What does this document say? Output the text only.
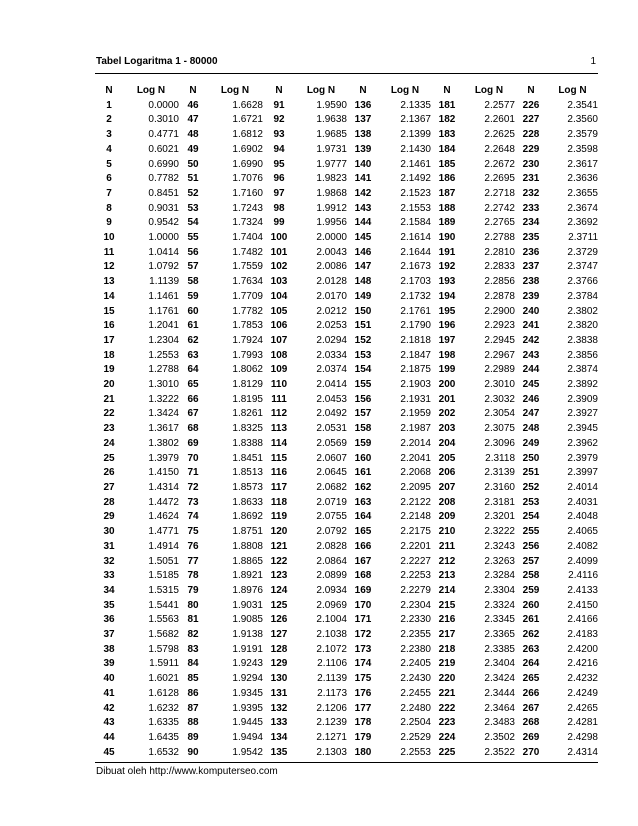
Tabel Logaritma 1 - 80000	1
N	Log N	N	Log N	N	Log N	N	Log N	N	Log N	N	Log N
1	0.0000	46	1.6628	91	1.9590	136	2.1335	181	2.2577	226	2.3541
2	0.3010	47	1.6721	92	1.9638	137	2.1367	182	2.2601	227	2.3560
3	0.4771	48	1.6812	93	1.9685	138	2.1399	183	2.2625	228	2.3579
4	0.6021	49	1.6902	94	1.9731	139	2.1430	184	2.2648	229	2.3598
5	0.6990	50	1.6990	95	1.9777	140	2.1461	185	2.2672	230	2.3617
6	0.7782	51	1.7076	96	1.9823	141	2.1492	186	2.2695	231	2.3636
7	0.8451	52	1.7160	97	1.9868	142	2.1523	187	2.2718	232	2.3655
8	0.9031	53	1.7243	98	1.9912	143	2.1553	188	2.2742	233	2.3674
9	0.9542	54	1.7324	99	1.9956	144	2.1584	189	2.2765	234	2.3692
10	1.0000	55	1.7404	100	2.0000	145	2.1614	190	2.2788	235	2.3711
11	1.0414	56	1.7482	101	2.0043	146	2.1644	191	2.2810	236	2.3729
12	1.0792	57	1.7559	102	2.0086	147	2.1673	192	2.2833	237	2.3747
13	1.1139	58	1.7634	103	2.0128	148	2.1703	193	2.2856	238	2.3766
14	1.1461	59	1.7709	104	2.0170	149	2.1732	194	2.2878	239	2.3784
15	1.1761	60	1.7782	105	2.0212	150	2.1761	195	2.2900	240	2.3802
16	1.2041	61	1.7853	106	2.0253	151	2.1790	196	2.2923	241	2.3820
17	1.2304	62	1.7924	107	2.0294	152	2.1818	197	2.2945	242	2.3838
18	1.2553	63	1.7993	108	2.0334	153	2.1847	198	2.2967	243	2.3856
19	1.2788	64	1.8062	109	2.0374	154	2.1875	199	2.2989	244	2.3874
20	1.3010	65	1.8129	110	2.0414	155	2.1903	200	2.3010	245	2.3892
21	1.3222	66	1.8195	111	2.0453	156	2.1931	201	2.3032	246	2.3909
22	1.3424	67	1.8261	112	2.0492	157	2.1959	202	2.3054	247	2.3927
23	1.3617	68	1.8325	113	2.0531	158	2.1987	203	2.3075	248	2.3945
24	1.3802	69	1.8388	114	2.0569	159	2.2014	204	2.3096	249	2.3962
25	1.3979	70	1.8451	115	2.0607	160	2.2041	205	2.3118	250	2.3979
26	1.4150	71	1.8513	116	2.0645	161	2.2068	206	2.3139	251	2.3997
27	1.4314	72	1.8573	117	2.0682	162	2.2095	207	2.3160	252	2.4014
28	1.4472	73	1.8633	118	2.0719	163	2.2122	208	2.3181	253	2.4031
29	1.4624	74	1.8692	119	2.0755	164	2.2148	209	2.3201	254	2.4048
30	1.4771	75	1.8751	120	2.0792	165	2.2175	210	2.3222	255	2.4065
31	1.4914	76	1.8808	121	2.0828	166	2.2201	211	2.3243	256	2.4082
32	1.5051	77	1.8865	122	2.0864	167	2.2227	212	2.3263	257	2.4099
33	1.5185	78	1.8921	123	2.0899	168	2.2253	213	2.3284	258	2.4116
34	1.5315	79	1.8976	124	2.0934	169	2.2279	214	2.3304	259	2.4133
35	1.5441	80	1.9031	125	2.0969	170	2.2304	215	2.3324	260	2.4150
36	1.5563	81	1.9085	126	2.1004	171	2.2330	216	2.3345	261	2.4166
37	1.5682	82	1.9138	127	2.1038	172	2.2355	217	2.3365	262	2.4183
38	1.5798	83	1.9191	128	2.1072	173	2.2380	218	2.3385	263	2.4200
39	1.5911	84	1.9243	129	2.1106	174	2.2405	219	2.3404	264	2.4216
40	1.6021	85	1.9294	130	2.1139	175	2.2430	220	2.3424	265	2.4232
41	1.6128	86	1.9345	131	2.1173	176	2.2455	221	2.3444	266	2.4249
42	1.6232	87	1.9395	132	2.1206	177	2.2480	222	2.3464	267	2.4265
43	1.6335	88	1.9445	133	2.1239	178	2.2504	223	2.3483	268	2.4281
44	1.6435	89	1.9494	134	2.1271	179	2.2529	224	2.3502	269	2.4298
45	1.6532	90	1.9542	135	2.1303	180	2.2553	225	2.3522	270	2.4314
Dibuat oleh http://www.komputerseo.com
